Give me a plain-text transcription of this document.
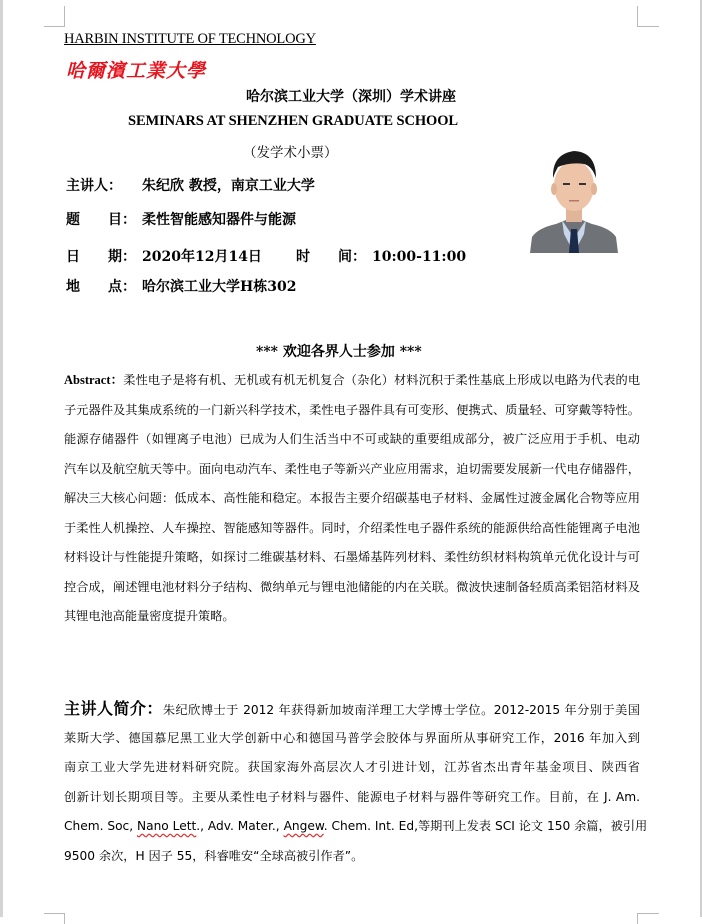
HARBIN INSTITUTE OF TECHNOLOGY
哈爾濱工業大學
哈尔滨工业大学（深圳）学术讲座
SEMINARS AT SHENZHEN GRADUATE SCHOOL
（发学术小票）
主讲人： 朱纪欣 教授，南京工业大学
题 目： 柔性智能感知器件与能源
日 期： 2020年12月14日 时 间： 10:00-11:00
地 点： 哈尔滨工业大学H栋302
*** 欢迎各界人士参加 ***
Abstract：柔性电子是将有机、无机或有机无机复合（杂化）材料沉积于柔性基底上形成以电路为代表的电
子元器件及其集成系统的一门新兴科学技术，柔性电子器件具有可变形、便携式、质量轻、可穿戴等特性。
能源存储器件（如锂离子电池）已成为人们生活当中不可或缺的重要组成部分，被广泛应用于手机、电动
汽车以及航空航天等中。面向电动汽车、柔性电子等新兴产业应用需求，迫切需要发展新一代电存储器件，
解决三大核心问题：低成本、高性能和稳定。本报告主要介绍碳基电子材料、金属性过渡金属化合物等应用
于柔性人机操控、人车操控、智能感知等器件。同时，介绍柔性电子器件系统的能源供给高性能锂离子电池
材料设计与性能提升策略，如探讨二维碳基材料、石墨烯基阵列材料、柔性纺织材料构筑单元优化设计与可
控合成，阐述锂电池材料分子结构、微纳单元与锂电池储能的内在关联。微波快速制备轻质高柔铝箔材料及
其锂电池高能量密度提升策略。
主讲人简介：朱纪欣博士于 2012 年获得新加坡南洋理工大学博士学位。2012-2015 年分别于美国
莱斯大学、德国慕尼黑工业大学创新中心和德国马普学会胶体与界面所从事研究工作，2016 年加入到
南京工业大学先进材料研究院。获国家海外高层次人才引进计划，江苏省杰出青年基金项目、陕西省
创新计划长期项目等。主要从柔性电子材料与器件、能源电子材料与器件等研究工作。目前，在 J. Am.
Chem. Soc, Nano Lett., Adv. Mater., Angew. Chem. Int. Ed,等期刊上发表 SCI 论文 150 余篇，被引用
9500 余次，H 因子 55，科睿唯安“全球高被引作者”。
